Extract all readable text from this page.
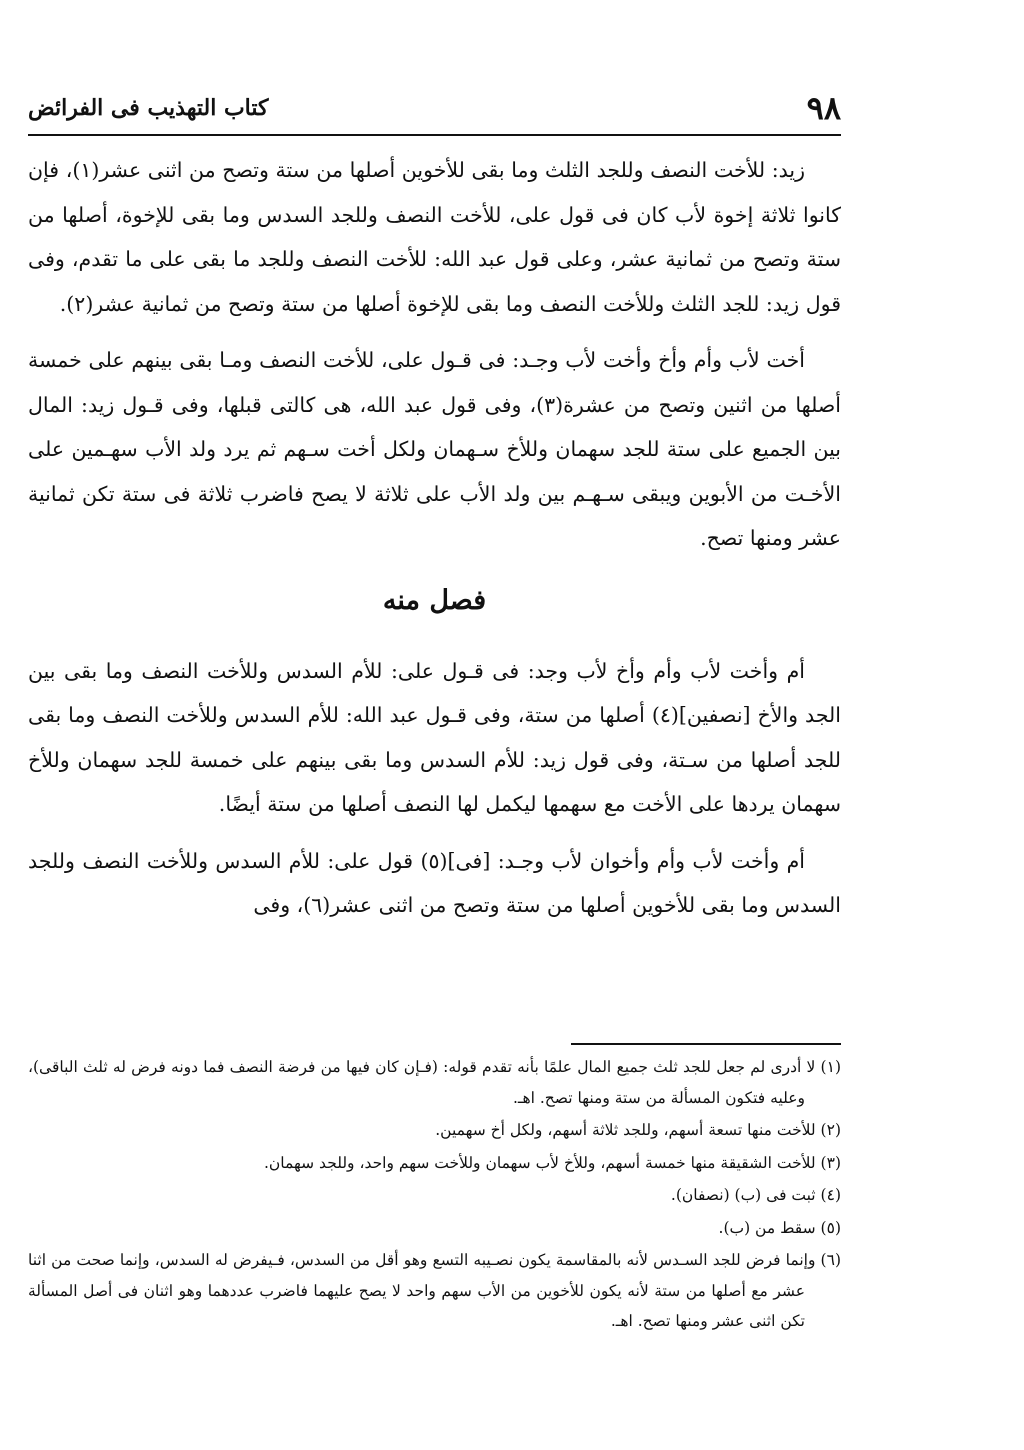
٩٨
كتاب التهذيب فى الفرائض

زيد: للأخت النصف وللجد الثلث وما بقى للأخوين أصلها من ستة وتصح من اثنى عشر(١)، فإن كانوا ثلاثة إخوة لأب كان فى قول على، للأخت النصف وللجد السدس وما بقى للإخوة، أصلها من ستة وتصح من ثمانية عشر، وعلى قول عبد الله: للأخت النصف وللجد ما بقى على ما تقدم، وفى قول زيد: للجد الثلث وللأخت النصف وما بقى للإخوة أصلها من ستة وتصح من ثمانية عشر(٢).

أخت لأب وأم وأخ وأخت لأب وجـد: فى قـول على، للأخت النصف ومـا بقى بينهم على خمسة أصلها من اثنين وتصح من عشرة(٣)، وفى قول عبد الله، هى كالتى قبلها، وفى قـول زيد: المال بين الجميع على ستة للجد سهمان وللأخ سـهمان ولكل أخت سـهم ثم يرد ولد الأب سهـمين على الأخـت من الأبوين ويبقى سـهـم بين ولد الأب على ثلاثة لا يصح فاضرب ثلاثة فى ستة تكن ثمانية عشر ومنها تصح.

فصل منه

أم وأخت لأب وأم وأخ لأب وجد: فى قـول على: للأم السدس وللأخت النصف وما بقى بين الجد والأخ [نصفين](٤) أصلها من ستة، وفى قـول عبد الله: للأم السدس وللأخت النصف وما بقى للجد أصلها من سـتة، وفى قول زيد: للأم السدس وما بقى بينهم على خمسة للجد سهمان وللأخ سهمان يردها على الأخت مع سهمها ليكمل لها النصف أصلها من ستة أيضًا.

أم وأخت لأب وأم وأخوان لأب وجـد: [فى](٥) قول على: للأم السدس وللأخت النصف وللجد السدس وما بقى للأخوين أصلها من ستة وتصح من اثنى عشر(٦)، وفى

(١) لا أدرى لم جعل للجد ثلث جميع المال علمًا بأنه تقدم قوله: (فـإن كان فيها من فرضة النصف فما دونه فرض له ثلث الباقى)، وعليه فتكون المسألة من ستة ومنها تصح. اهـ.
(٢) للأخت منها تسعة أسهم، وللجد ثلاثة أسهم، ولكل أخ سهمين.
(٣) للأخت الشقيقة منها خمسة أسهم، وللأخ لأب سهمان وللأخت سهم واحد، وللجد سهمان.
(٤) ثبت فى (ب) (نصفان).
(٥) سقط من (ب).
(٦) وإنما فرض للجد السـدس لأنه بالمقاسمة يكون نصـيبه التسع وهو أقل من السدس، فـيفرض له السدس، وإنما صحت من اثنا عشر مع أصلها من ستة لأنه يكون للأخوين من الأب سهم واحد لا يصح عليهما فاضرب عددهما وهو اثنان فى أصل المسألة تكن اثنى عشر ومنها تصح. اهـ.
